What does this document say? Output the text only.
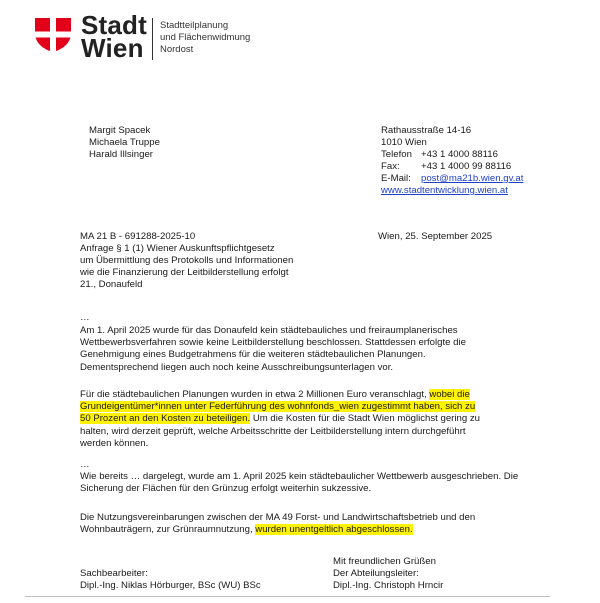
Stadt
Wien
Stadtteilplanung
und Flächenwidmung
Nordost
Margit Spacek
Michaela Truppe
Harald Illsinger
Rathausstraße 14-16
1010 Wien
Telefon +43 1 4000 88116
Fax:	+43 1 4000 99 88116
E-Mail:	post@ma21b.wien.gv.at
www.stadtentwicklung.wien.at
MA 21 B - 691288-2025-10
Anfrage § 1 (1) Wiener Auskunftspflichtgesetz
um Übermittlung des Protokolls und Informationen
wie die Finanzierung der Leitbilderstellung erfolgt
21., Donaufeld
Wien, 25. September 2025
…
Am 1. April 2025 wurde für das Donaufeld kein städtebauliches und freiraumplanerisches
Wettbewerbsverfahren sowie keine Leitbilderstellung beschlossen. Stattdessen erfolgte die
Genehmigung eines Budgetrahmens für die weiteren städtebaulichen Planungen.
Dementsprechend liegen auch noch keine Ausschreibungsunterlagen vor.
Für die städtebaulichen Planungen wurden in etwa 2 Millionen Euro veranschlagt, wobei die
Grundeigentümer*innen unter Federführung des wohnfonds_wien zugestimmt haben, sich zu
50 Prozent an den Kosten zu beteiligen. Um die Kosten für die Stadt Wien möglichst gering zu
halten, wird derzeit geprüft, welche Arbeitsschritte der Leitbilderstellung intern durchgeführt
werden können.
…
Wie bereits … dargelegt, wurde am 1. April 2025 kein städtebaulicher Wettbewerb ausgeschrieben. Die
Sicherung der Flächen für den Grünzug erfolgt weiterhin sukzessive.
Die Nutzungsvereinbarungen zwischen der MA 49 Forst- und Landwirtschaftsbetrieb und den
Wohnbauträgern, zur Grünraumnutzung, wurden unentgeltlich abgeschlossen.
Mit freundlichen Grüßen
Der Abteilungsleiter:
Dipl.-Ing. Christoph Hrncir
Sachbearbeiter:
Dipl.-Ing. Niklas Hörburger, BSc (WU) BSc
